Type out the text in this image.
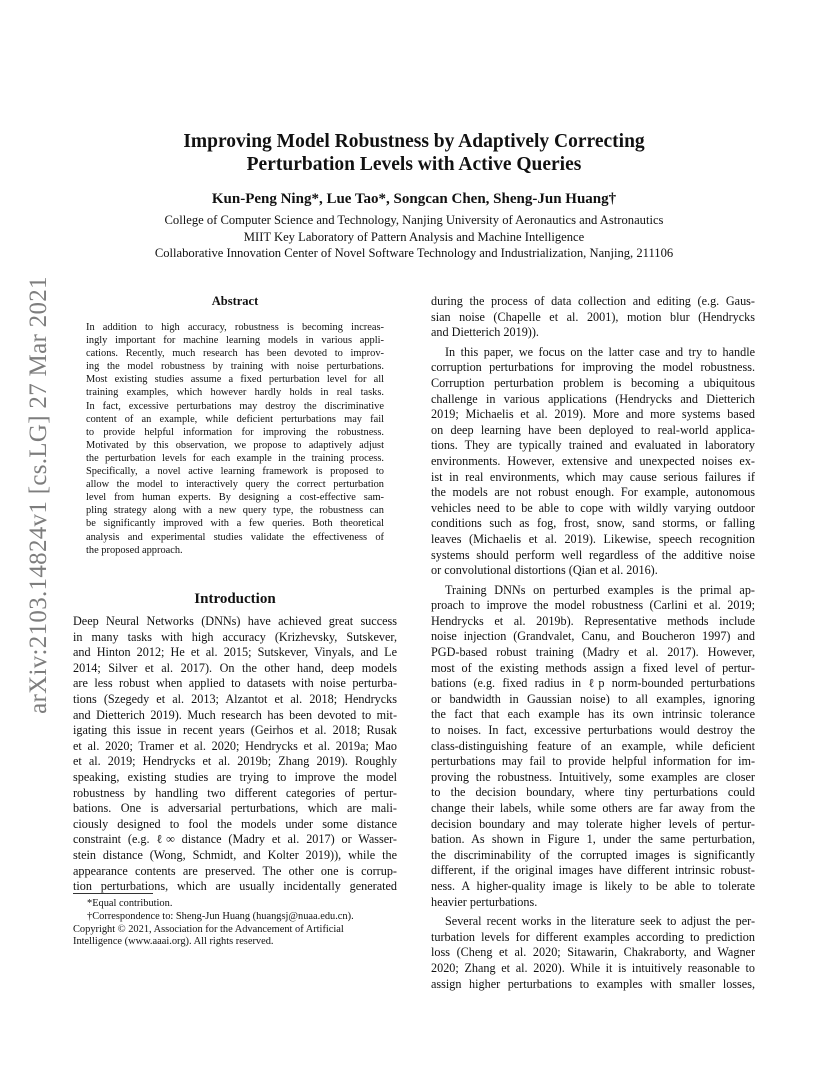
arXiv:2103.14824v1 [cs.LG] 27 Mar 2021
Improving Model Robustness by Adaptively Correcting
Perturbation Levels with Active Queries
Kun-Peng Ning*, Lue Tao*, Songcan Chen, Sheng-Jun Huang†
College of Computer Science and Technology, Nanjing University of Aeronautics and Astronautics
MIIT Key Laboratory of Pattern Analysis and Machine Intelligence
Collaborative Innovation Center of Novel Software Technology and Industrialization, Nanjing, 211106
Abstract
In addition to high accuracy, robustness is becoming increas-
ingly important for machine learning models in various appli-
cations. Recently, much research has been devoted to improv-
ing the model robustness by training with noise perturbations.
Most existing studies assume a fixed perturbation level for all
training examples, which however hardly holds in real tasks.
In fact, excessive perturbations may destroy the discriminative
content of an example, while deficient perturbations may fail
to provide helpful information for improving the robustness.
Motivated by this observation, we propose to adaptively adjust
the perturbation levels for each example in the training process.
Specifically, a novel active learning framework is proposed to
allow the model to interactively query the correct perturbation
level from human experts. By designing a cost-effective sam-
pling strategy along with a new query type, the robustness can
be significantly improved with a few queries. Both theoretical
analysis and experimental studies validate the effectiveness of
the proposed approach.
Introduction
Deep Neural Networks (DNNs) have achieved great success
in many tasks with high accuracy (Krizhevsky, Sutskever,
and Hinton 2012; He et al. 2015; Sutskever, Vinyals, and Le
2014; Silver et al. 2017). On the other hand, deep models
are less robust when applied to datasets with noise perturba-
tions (Szegedy et al. 2013; Alzantot et al. 2018; Hendrycks
and Dietterich 2019). Much research has been devoted to mit-
igating this issue in recent years (Geirhos et al. 2018; Rusak
et al. 2020; Tramer et al. 2020; Hendrycks et al. 2019a; Mao
et al. 2019; Hendrycks et al. 2019b; Zhang 2019). Roughly
speaking, existing studies are trying to improve the model
robustness by handling two different categories of pertur-
bations. One is adversarial perturbations, which are mali-
ciously designed to fool the models under some distance
constraint (e.g. ℓ∞ distance (Madry et al. 2017) or Wasser-
stein distance (Wong, Schmidt, and Kolter 2019)), while the
appearance contents are preserved. The other one is corrup-
tion perturbations, which are usually incidentally generated
*Equal contribution.
†Correspondence to: Sheng-Jun Huang (huangsj@nuaa.edu.cn).
Copyright © 2021, Association for the Advancement of Artificial
Intelligence (www.aaai.org). All rights reserved.
during the process of data collection and editing (e.g. Gaus-
sian noise (Chapelle et al. 2001), motion blur (Hendrycks
and Dietterich 2019)).
In this paper, we focus on the latter case and try to handle
corruption perturbations for improving the model robustness.
Corruption perturbation problem is becoming a ubiquitous
challenge in various applications (Hendrycks and Dietterich
2019; Michaelis et al. 2019). More and more systems based
on deep learning have been deployed to real-world applica-
tions. They are typically trained and evaluated in laboratory
environments. However, extensive and unexpected noises ex-
ist in real environments, which may cause serious failures if
the models are not robust enough. For example, autonomous
vehicles need to be able to cope with wildly varying outdoor
conditions such as fog, frost, snow, sand storms, or falling
leaves (Michaelis et al. 2019). Likewise, speech recognition
systems should perform well regardless of the additive noise
or convolutional distortions (Qian et al. 2016).
Training DNNs on perturbed examples is the primal ap-
proach to improve the model robustness (Carlini et al. 2019;
Hendrycks et al. 2019b). Representative methods include
noise injection (Grandvalet, Canu, and Boucheron 1997) and
PGD-based robust training (Madry et al. 2017). However,
most of the existing methods assign a fixed level of pertur-
bations (e.g. fixed radius in ℓp norm-bounded perturbations
or bandwidth in Gaussian noise) to all examples, ignoring
the fact that each example has its own intrinsic tolerance
to noises. In fact, excessive perturbations would destroy the
class-distinguishing feature of an example, while deficient
perturbations may fail to provide helpful information for im-
proving the robustness. Intuitively, some examples are closer
to the decision boundary, where tiny perturbations could
change their labels, while some others are far away from the
decision boundary and may tolerate higher levels of pertur-
bation. As shown in Figure 1, under the same perturbation,
the discriminability of the corrupted images is significantly
different, if the original images have different intrinsic robust-
ness. A higher-quality image is likely to be able to tolerate
heavier perturbations.
Several recent works in the literature seek to adjust the per-
turbation levels for different examples according to prediction
loss (Cheng et al. 2020; Sitawarin, Chakraborty, and Wagner
2020; Zhang et al. 2020). While it is intuitively reasonable to
assign higher perturbations to examples with smaller losses,
